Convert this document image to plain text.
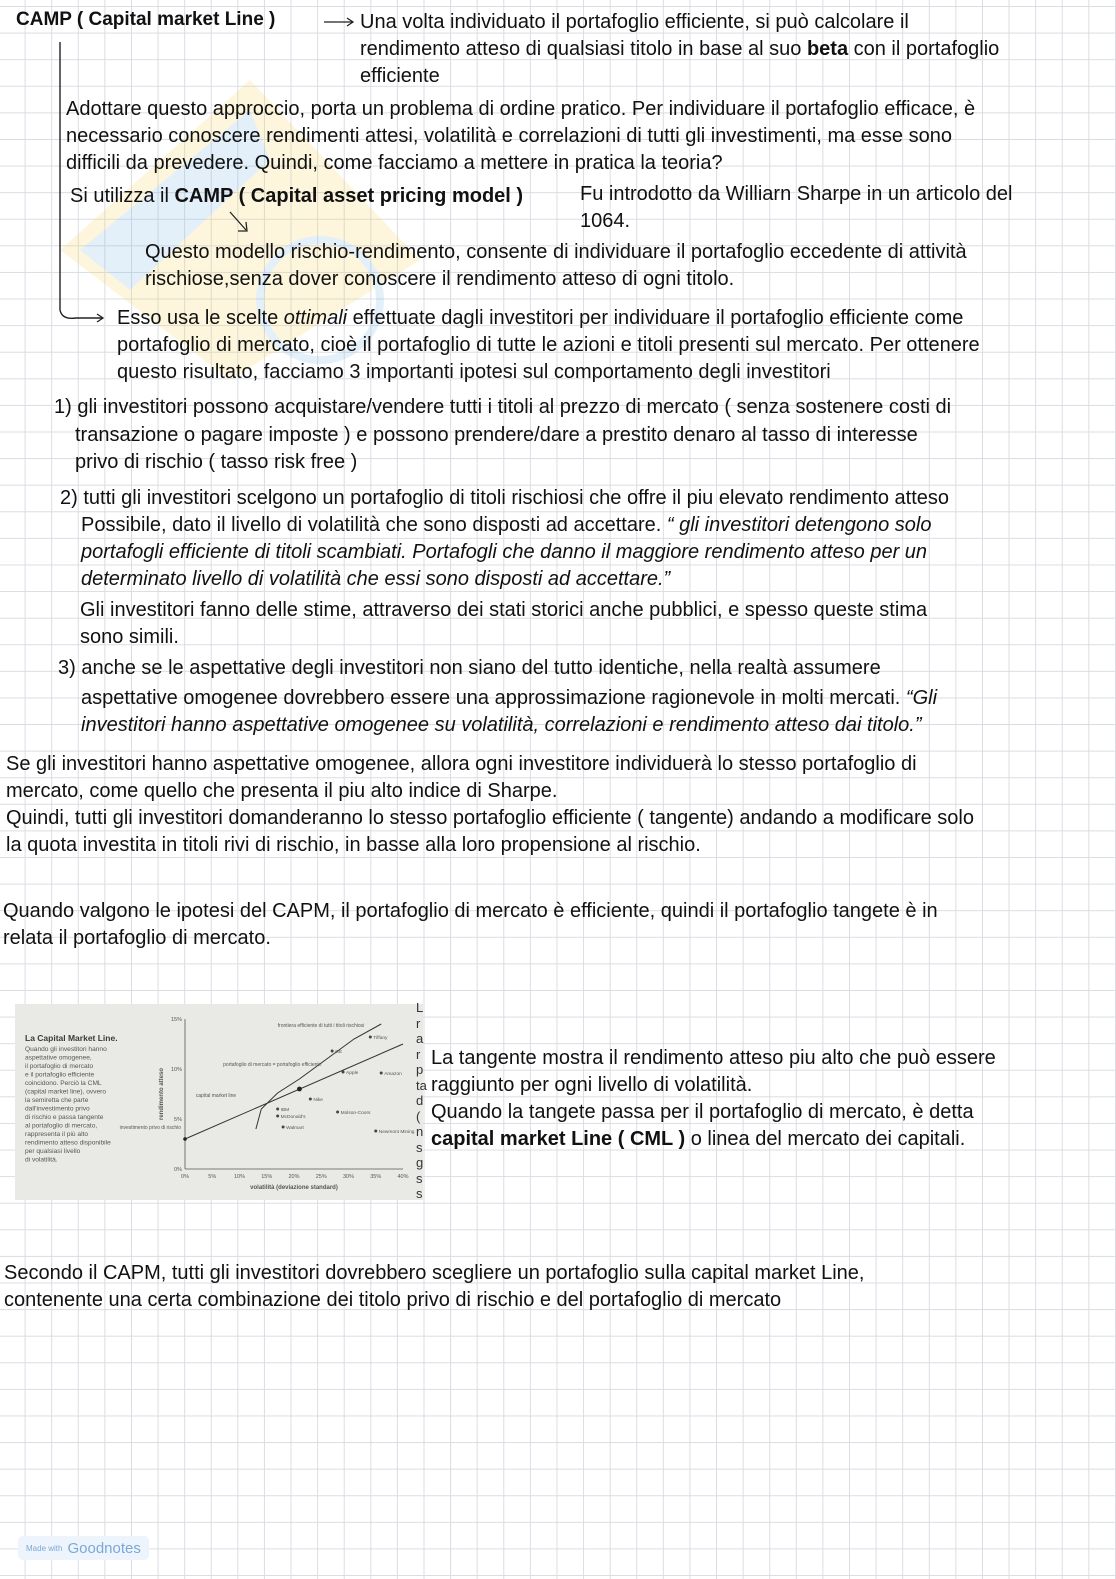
CAMP ( Capital market Line )	Una volta individuato il portafoglio efficiente, si può calcolare il
rendimento atteso di qualsiasi titolo in base al suo beta con il portafoglio
efficiente
Adottare questo approccio, porta un problema di ordine pratico. Per individuare il portafoglio efficace, è
necessario conoscere rendimenti attesi, volatilità e correlazioni di tutti gli investimenti, ma esse sono
difficili da prevedere. Quindi, come facciamo a mettere in pratica la teoria?
Si utilizza il CAMP ( Capital asset pricing model )	Fu introdotto da Williarn Sharpe in un articolo del
1064.
Questo modello rischio-rendimento, consente di individuare il portafoglio eccedente di attività
rischiose,senza dover conoscere il rendimento atteso di ogni titolo.
Esso usa le scelte ottimali effettuate dagli investitori per individuare il portafoglio efficiente come
portafoglio di mercato, cioè il portafoglio di tutte le azioni e titoli presenti sul mercato. Per ottenere
questo risultato, facciamo 3 importanti ipotesi sul comportamento degli investitori
1) gli investitori possono acquistare/vendere tutti i titoli al prezzo di mercato ( senza sostenere costi di
transazione o pagare imposte ) e possono prendere/dare a prestito denaro al tasso di interesse
privo di rischio ( tasso risk free )
2) tutti gli investitori scelgono un portafoglio di titoli rischiosi che offre il piu elevato rendimento atteso
Possibile, dato il livello di volatilità che sono disposti ad accettare. “ gli investitori detengono solo
portafogli efficiente di titoli scambiati. Portafogli che danno il maggiore rendimento atteso per un
determinato livello di volatilità che essi sono disposti ad accettare.”
Gli investitori fanno delle stime, attraverso dei stati storici anche pubblici, e spesso queste stima
sono simili.
3) anche se le aspettative degli investitori non siano del tutto identiche, nella realtà assumere
aspettative omogenee dovrebbero essere una approssimazione ragionevole in molti mercati. “Gli
investitori hanno aspettative omogenee su volatilità, correlazioni e rendimento atteso dai titolo.”
Se gli investitori hanno aspettative omogenee, allora ogni investitore individuerà lo stesso portafoglio di
mercato, come quello che presenta il piu alto indice di Sharpe.
Quindi, tutti gli investitori domanderanno lo stesso portafoglio efficiente ( tangente) andando a modificare solo
la quota investita in titoli rivi di rischio, in basse alla loro propensione al rischio.
Quando valgono le ipotesi del CAPM, il portafoglio di mercato è efficiente, quindi il portafoglio tangete è in
relata il portafoglio di mercato.
La Capital Market Line.
Quando gli investitori hanno
aspettative omogenee,
il portafoglio di mercato
e il portafoglio efficiente
coincidono. Perciò la CML
(capital market line), ovvero
la semiretta che parte
dall'investimento privo
di rischio e passa tangente
al portafoglio di mercato,
rappresenta il più alto
rendimento atteso disponibile
per qualsiasi livello
di volatilità.
0%	5%	10%	15%	20%	25%	30%	35%	40%
0%
5%
10%
15%
volatilità (deviazione standard)
rendimento atteso
investimento privo di rischio
capital market line
portafoglio di mercato = portafoglio efficiente
frontiera efficiente di tutti i titoli rischiosi
Tiffany
GE
Apple	Amazon
Nike
IBM
McDonald's
Molson-Coors
Walmart
Newmont Mining
L
r
a
r
p
ta
d
(
n
s
g
s
s
La tangente mostra il rendimento atteso piu alto che può essere
raggiunto per ogni livello di volatilità.
Quando la tangete passa per il portafoglio di mercato, è detta
capital market Line ( CML ) o linea del mercato dei capitali.
Secondo il CAPM, tutti gli investitori dovrebbero scegliere un portafoglio sulla capital market Line,
contenente una certa combinazione dei titolo privo di rischio e del portafoglio di mercato
Made with Goodnotes
